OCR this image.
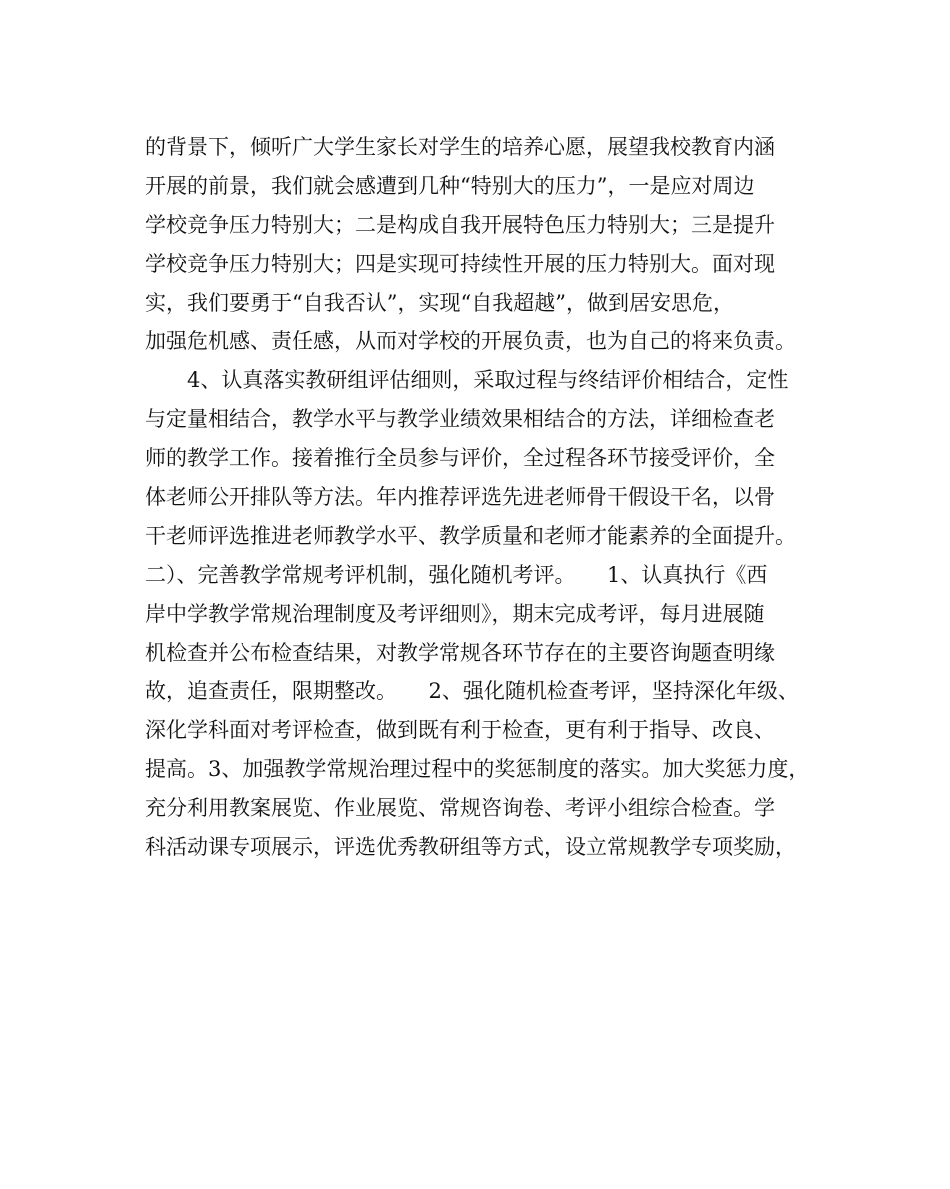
的背景下，倾听广大学生家长对学生的培养心愿，展望我校教育内涵
开展的前景，我们就会感遭到几种“特别大的压力”，一是应对周边
学校竞争压力特别大；二是构成自我开展特色压力特别大；三是提升
学校竞争压力特别大；四是实现可持续性开展的压力特别大。面对现
实，我们要勇于“自我否认”，实现“自我超越”，做到居安思危，
加强危机感、责任感，从而对学校的开展负责，也为自己的将来负责。
4、认真落实教研组评估细则，采取过程与终结评价相结合，定性
与定量相结合，教学水平与教学业绩效果相结合的方法，详细检查老
师的教学工作。接着推行全员参与评价，全过程各环节接受评价，全
体老师公开排队等方法。年内推荐评选先进老师骨干假设干名，以骨
干老师评选推进老师教学水平、教学质量和老师才能素养的全面提升。
二）、完善教学常规考评机制，强化随机考评。　　1、认真执行《西
岸中学教学常规治理制度及考评细则》，期末完成考评，每月进展随
机检查并公布检查结果，对教学常规各环节存在的主要咨询题查明缘
故，追查责任，限期整改。　　2、强化随机检查考评，坚持深化年级、
深化学科面对考评检查，做到既有利于检查，更有利于指导、改良、
提高。3、加强教学常规治理过程中的奖惩制度的落实。加大奖惩力度，
充分利用教案展览、作业展览、常规咨询卷、考评小组综合检查。学
科活动课专项展示，评选优秀教研组等方式，设立常规教学专项奖励，
